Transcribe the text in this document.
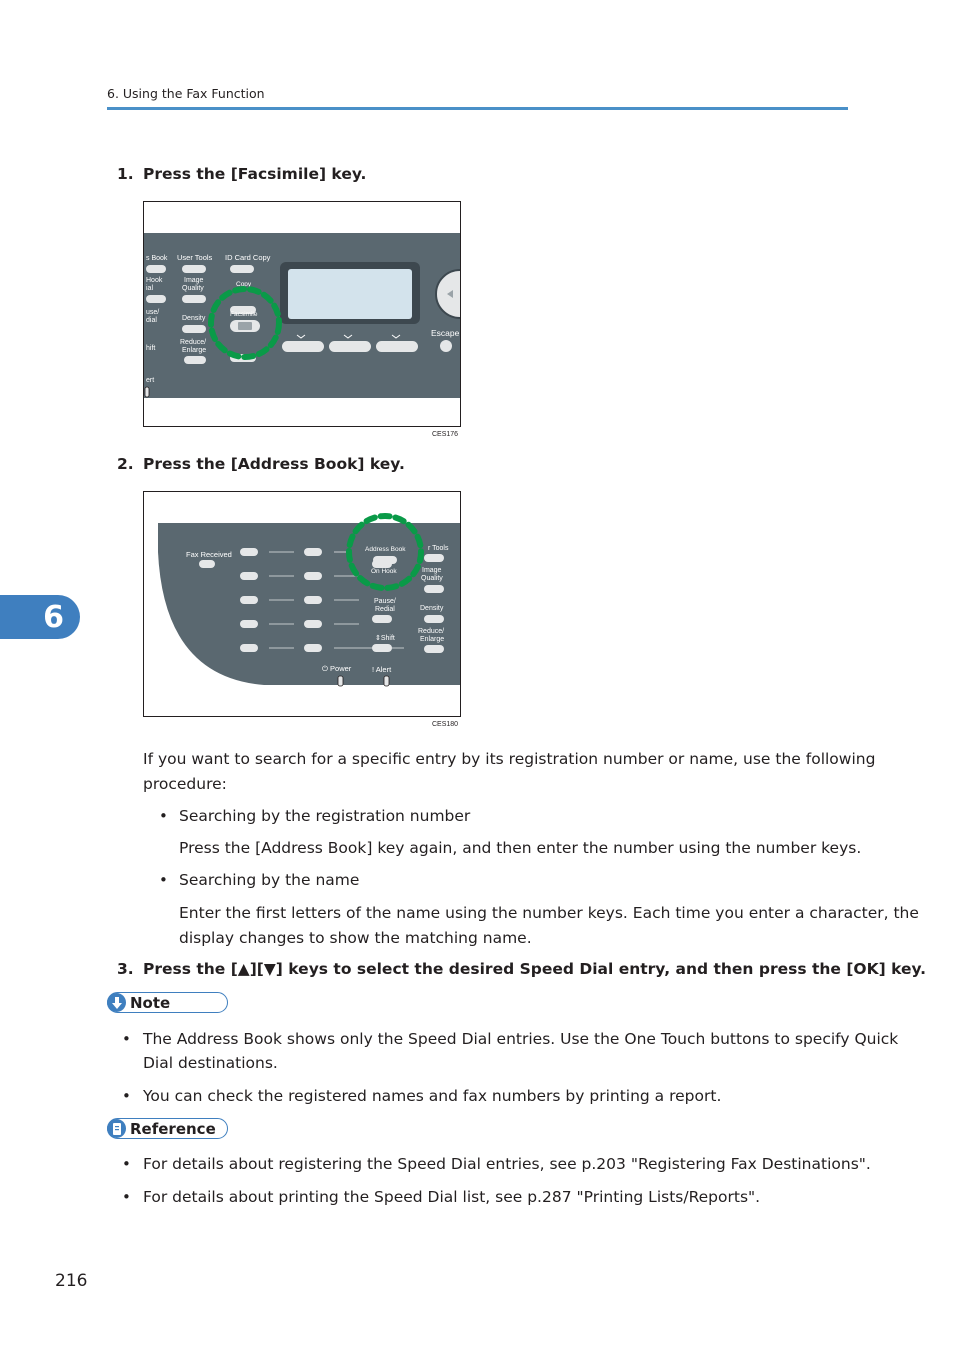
6. Using the Fax Function
6
1. Press the [Facsimile] key.
s Book User Tools ID Card Copy
Hook
ial
Image
Quality
Copy
use/
dial	Density
hift
Reduce/
Enlarge
ert
Escape
Facsimile
CES176
2. Press the [Address Book] key.
Fax Received
r Tools
Image
Quality
Pause/
Redial	Density
⇕Shift
Reduce/
Enlarge
⏻ Power	! Alert
Address Book
On Hook
CES180
If you want to search for a specific entry by its registration number or name, use the following
procedure:
• Searching by the registration number
Press the [Address Book] key again, and then enter the number using the number keys.
• Searching by the name
Enter the first letters of the name using the number keys. Each time you enter a character, the
display changes to show the matching name.
3. Press the [▲][▼] keys to select the desired Speed Dial entry, and then press the [OK] key.
Note
• The Address Book shows only the Speed Dial entries. Use the One Touch buttons to specify Quick
Dial destinations.
• You can check the registered names and fax numbers by printing a report.
Reference
• For details about registering the Speed Dial entries, see p.203 "Registering Fax Destinations".
• For details about printing the Speed Dial list, see p.287 "Printing Lists/Reports".
216
